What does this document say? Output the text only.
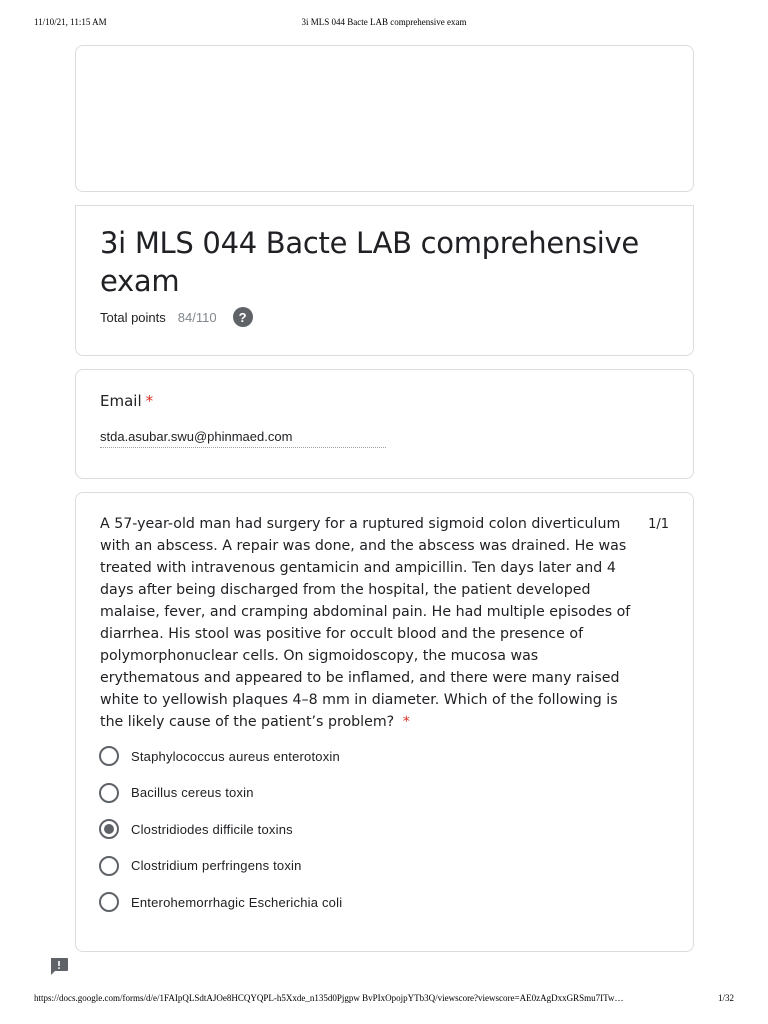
11/10/21, 11:15 AM	3i MLS 044 Bacte LAB comprehensive exam
3i MLS 044 Bacte LAB comprehensive exam
Total points 84/110	?
Email *
stda.asubar.swu@phinmaed.com
A 57-year-old man had surgery for a ruptured sigmoid colon diverticulum with an abscess. A repair was done, and the abscess was drained. He was treated with intravenous gentamicin and ampicillin. Ten days later and 4 days after being discharged from the hospital, the patient developed malaise, fever, and cramping abdominal pain. He had multiple episodes of diarrhea. His stool was positive for occult blood and the presence of polymorphonuclear cells. On sigmoidoscopy, the mucosa was erythematous and appeared to be inflamed, and there were many raised white to yellowish plaques 4–8 mm in diameter. Which of the following is the likely cause of the patient’s problem? *
1/1
Staphylococcus aureus enterotoxin
Bacillus cereus toxin
Clostridiodes difficile toxins
Clostridium perfringens toxin
Enterohemorrhagic Escherichia coli
https://docs.google.com/forms/d/e/1FAIpQLSdtAJOe8HCQYQPL-h5Xxde_n135d0Pjgpw BvPIxOpojpYTb3Q/viewscore?viewscore=AE0zAgDxxGRSmu7ITw…	1/32
